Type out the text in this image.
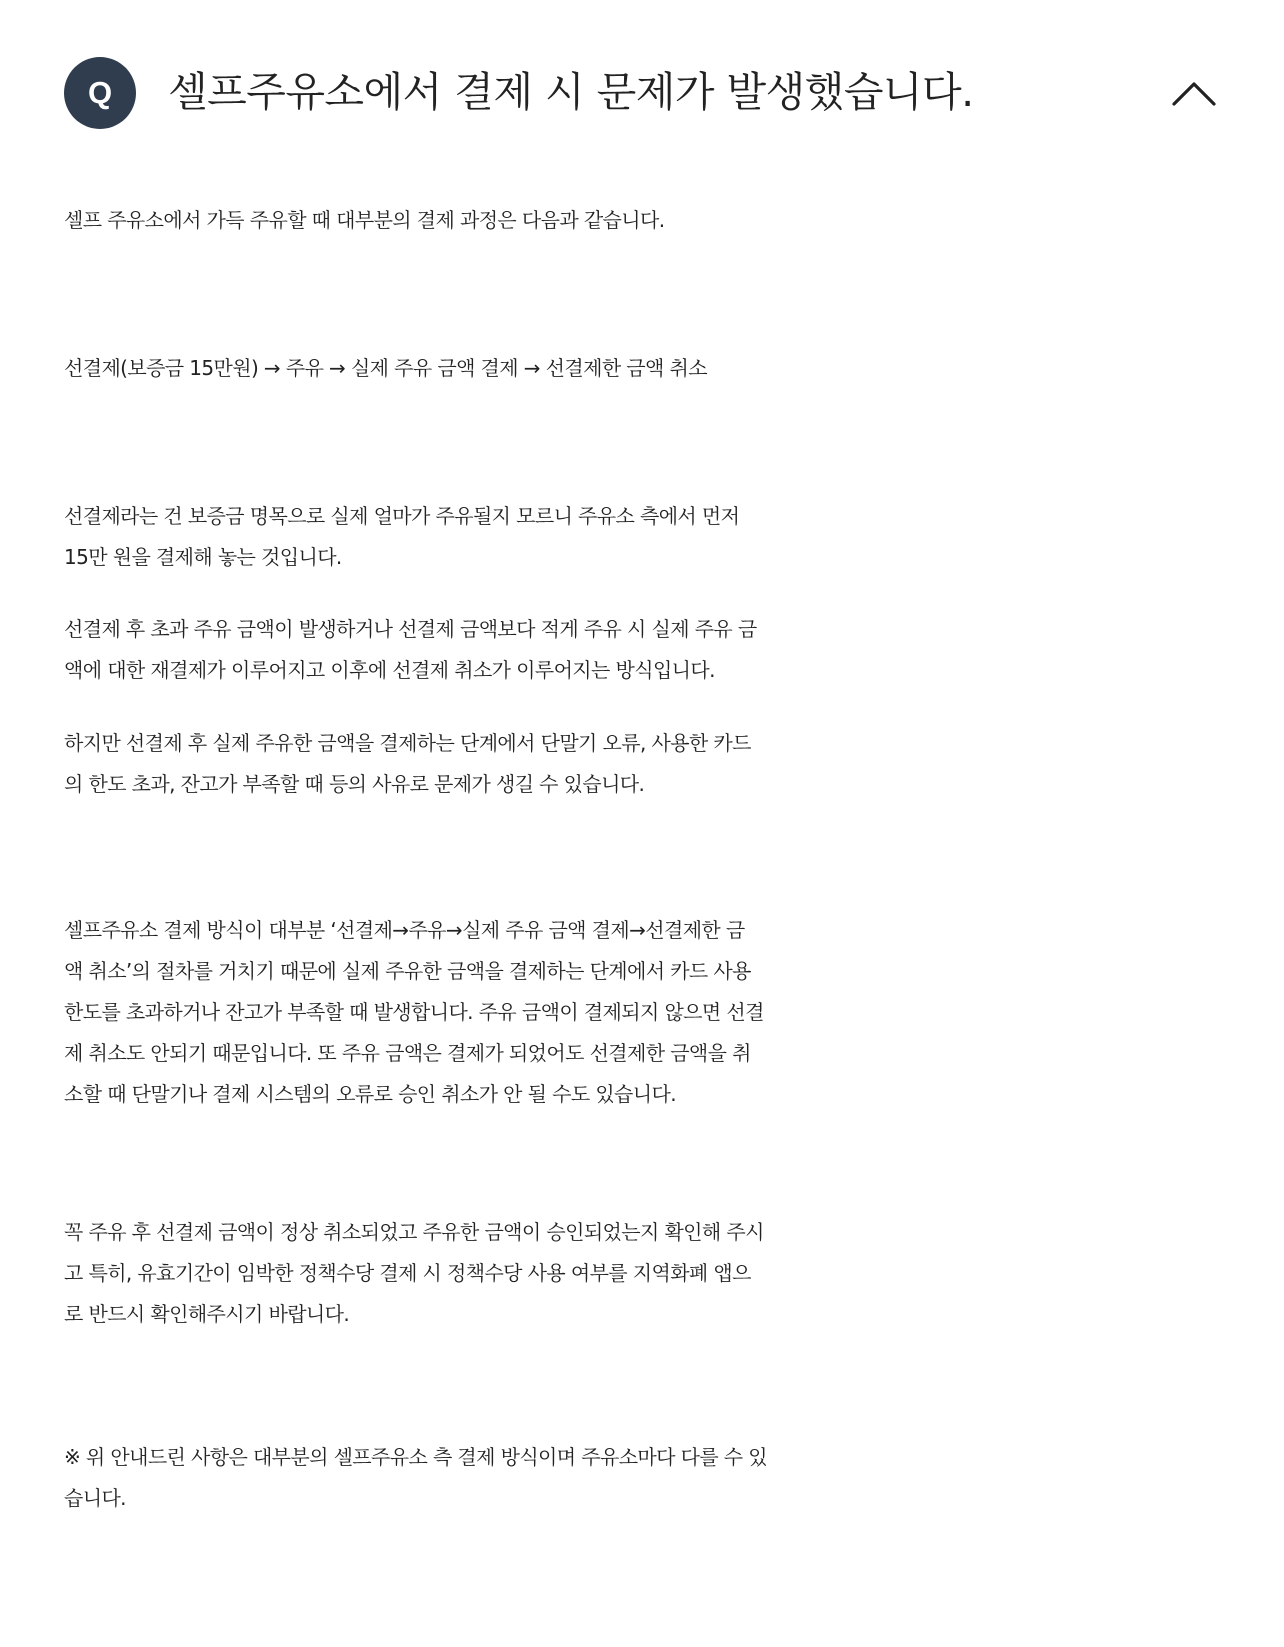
Q	셀프주유소에서 결제 시 문제가 발생했습니다.
셀프 주유소에서 가득 주유할 때 대부분의 결제 과정은 다음과 같습니다.
선결제(보증금 15만원) → 주유 → 실제 주유 금액 결제 → 선결제한 금액 취소
선결제라는 건 보증금 명목으로 실제 얼마가 주유될지 모르니 주유소 측에서 먼저
15만 원을 결제해 놓는 것입니다.
선결제 후 초과 주유 금액이 발생하거나 선결제 금액보다 적게 주유 시 실제 주유 금
액에 대한 재결제가 이루어지고 이후에 선결제 취소가 이루어지는 방식입니다.
하지만 선결제 후 실제 주유한 금액을 결제하는 단계에서 단말기 오류, 사용한 카드
의 한도 초과, 잔고가 부족할 때 등의 사유로 문제가 생길 수 있습니다.
셀프주유소 결제 방식이 대부분 ‘선결제→주유→실제 주유 금액 결제→선결제한 금
액 취소’의 절차를 거치기 때문에 실제 주유한 금액을 결제하는 단계에서 카드 사용
한도를 초과하거나 잔고가 부족할 때 발생합니다. 주유 금액이 결제되지 않으면 선결
제 취소도 안되기 때문입니다. 또 주유 금액은 결제가 되었어도 선결제한 금액을 취
소할 때 단말기나 결제 시스템의 오류로 승인 취소가 안 될 수도 있습니다.
꼭 주유 후 선결제 금액이 정상 취소되었고 주유한 금액이 승인되었는지 확인해 주시
고 특히, 유효기간이 임박한 정책수당 결제 시 정책수당 사용 여부를 지역화폐 앱으
로 반드시 확인해주시기 바랍니다.
※ 위 안내드린 사항은 대부분의 셀프주유소 측 결제 방식이며 주유소마다 다를 수 있
습니다.
